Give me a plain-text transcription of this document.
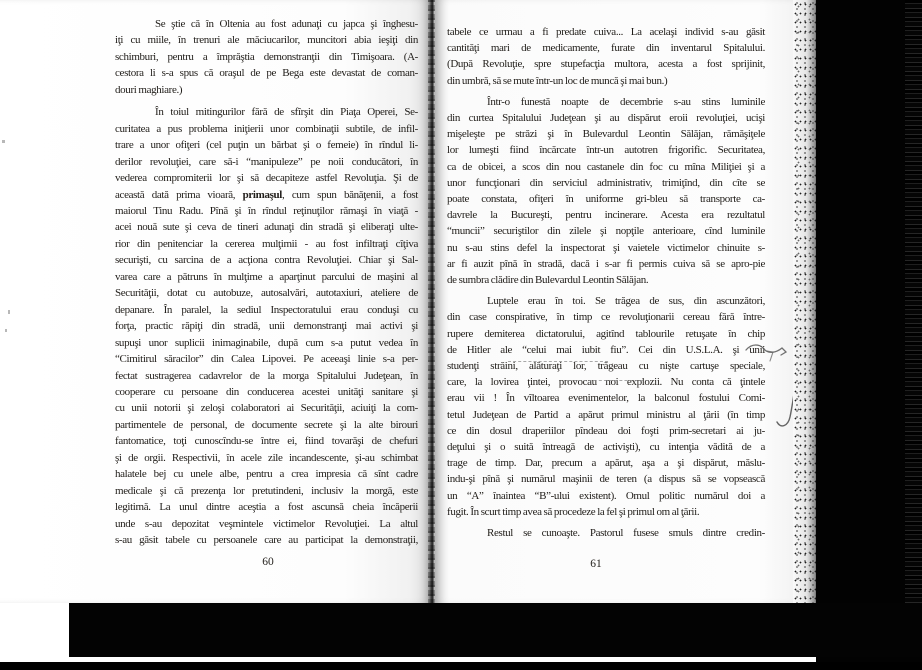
Se ştie că în Oltenia au fost adunaţi cu japca şi înghesu-
iţi cu miile, în trenuri ale măciucarilor, muncitori abia ieşiţi din
schimburi, pentru a împrăştia demonstranţii din Timişoara. (A-
cestora li s-a spus că oraşul de pe Bega este devastat de coman-
douri maghiare.)
În toiul mitingurilor fără de sfîrşit din Piaţa Operei, Se-
curitatea a pus problema iniţierii unor combinaţii subtile, de infil-
trare a unor ofiţeri (cel puţin un bărbat şi o femeie) în rîndul li-
derilor revoluţiei, care să-i “manipuleze” pe noii conducători, în
vederea compromiterii lor şi să decapiteze astfel Revoluţia. Şi de
această dată prima vioară, primaşul, cum spun bănăţenii, a fost
maiorul Tinu Radu. Pînă şi în rîndul reţinuţilor rămaşi în viaţă -
acei nouă sute şi ceva de tineri adunaţi din stradă şi eliberaţi ulte-
rior din penitenciar la cererea mulţimii - au fost infiltraţi cîţiva
securişti, cu sarcina de a acţiona contra Revoluţiei. Chiar şi Sal-
varea care a pătruns în mulţime a aparţinut parcului de maşini al
Securităţii, dotat cu autobuze, autosalvări, autotaxiuri, ateliere de
depanare. În paralel, la sediul Inspectoratului erau conduşi cu
forţa, practic răpiţi din stradă, unii demonstranţi mai activi şi
supuşi unor suplicii inimaginabile, după cum s-a putut vedea în
“Cimitirul săracilor” din Calea Lipovei. Pe aceeaşi linie s-a per-
fectat sustragerea cadavrelor de la morga Spitalului Judeţean, în
cooperare cu persoane din conducerea acestei unităţi sanitare şi
cu unii notorii şi zeloşi colaboratori ai Securităţii, aciuiţi la com-
partimentele de personal, de documente secrete şi la alte birouri
fantomatice, toţi cunoscîndu-se între ei, fiind tovarăşi de chefuri
şi de orgii. Respectivii, în acele zile incandescente, şi-au schimbat
halatele bej cu unele albe, pentru a crea impresia că sînt cadre
medicale şi că prezenţa lor pretutindeni, inclusiv la morgă, este
legitimă. La unul dintre aceştia a fost ascunsă cheia încăperii
unde s-au depozitat veşmintele victimelor Revoluţiei. La altul
s-au găsit tabele cu persoanele care au participat la demonstraţii,
60
tabele ce urmau a fi predate cuiva... La acelaşi individ s-au găsit
cantităţi mari de medicamente, furate din inventarul Spitalului.
(După Revoluţie, spre stupefacţia multora, acesta a fost sprijinit,
din umbră, să se mute într-un loc de muncă şi mai bun.)
Într-o funestă noapte de decembrie s-au stins luminile
din curtea Spitalului Judeţean şi au dispărut eroii revoluţiei, ucişi
mişeleşte pe străzi şi în Bulevardul Leontin Sălăjan, rămăşiţele
lor lumeşti fiind încărcate într-un autotren frigorific. Securitatea,
ca de obicei, a scos din nou castanele din foc cu mîna Miliţiei şi a
unor funcţionari din serviciul administrativ, trimiţînd, din cîte se
poate constata, ofiţeri în uniforme gri-bleu să transporte ca-
davrele la Bucureşti, pentru incinerare. Acesta era rezultatul
“muncii” securiştilor din zilele şi nopţile anterioare, cînd luminile
nu s-au stins defel la inspectorat şi vaietele victimelor chinuite s-
ar fi auzit pînă în stradă, dacă i s-ar fi permis cuiva să se apro-pie
de sumbra clădire din Bulevardul Leontin Sălăjan.
Luptele erau în toi. Se trăgea de sus, din ascunzători,
din case conspirative, în timp ce revoluţionarii cereau fără între-
rupere demiterea dictatorului, agitînd tablourile retuşate în chip
de Hitler ale “celui mai iubit fiu”. Cei din U.S.L.A. şi unii
studenţi străini, alăturaţi lor, trăgeau cu nişte cartuşe speciale,
care, la lovirea ţintei, provocau noi explozii. Nu conta că ţintele
erau vii ! În vîltoarea evenimentelor, la balconul fostului Comi-
tetul Judeţean de Partid a apărut primul ministru al ţării (în timp
ce din dosul draperiilor pîndeau doi foşti prim-secretari ai ju-
deţului şi o suită întreagă de activişti), cu intenţia vădită de a
trage de timp. Dar, precum a apărut, aşa a şi dispărut, măslu-
indu-şi pînă şi numărul maşinii de teren (a dispus să se vopsească
un “A” înaintea “B”-ului existent). Omul politic numărul doi a
fugit. În scurt timp avea să procedeze la fel şi primul om al ţării.
Restul se cunoaşte. Pastorul fusese smuls dintre credin-
61
